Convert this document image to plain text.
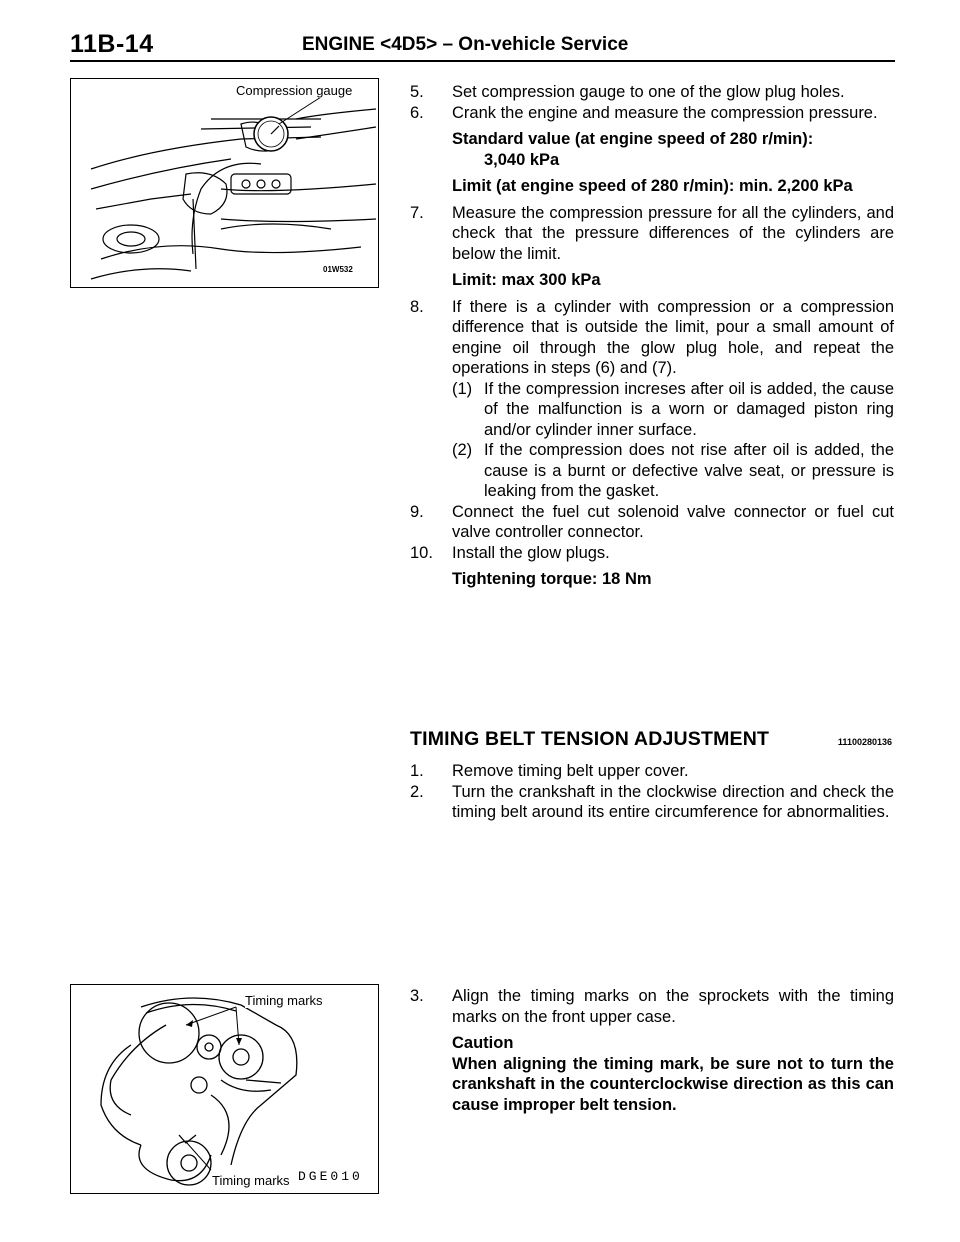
11B-14	ENGINE <4D5> – On-vehicle Service
Compression gauge
01W532
5. Set compression gauge to one of the glow plug holes.
6. Crank the engine and measure the compression pressure.
Standard value (at engine speed of 280 r/min):
3,040 kPa
Limit (at engine speed of 280 r/min): min. 2,200 kPa
7. Measure the compression pressure for all the cylinders, and check that the pressure differences of the cylinders are below the limit.
Limit: max 300 kPa
8. If there is a cylinder with compression or a compression difference that is outside the limit, pour a small amount of engine oil through the glow plug hole, and repeat the operations in steps (6) and (7).
(1) If the compression increses after oil is added, the cause of the malfunction is a worn or damaged piston ring and/or cylinder inner surface.
(2) If the compression does not rise after oil is added, the cause is a burnt or defective valve seat, or pressure is leaking from the gasket.
9. Connect the fuel cut solenoid valve connector or fuel cut valve controller connector.
10. Install the glow plugs.
Tightening torque: 18 Nm
TIMING BELT TENSION ADJUSTMENT	11100280136
1. Remove timing belt upper cover.
2. Turn the crankshaft in the clockwise direction and check the timing belt around its entire circumference for abnormalities.
3. Align the timing marks on the sprockets with the timing marks on the front upper case.
Caution
When aligning the timing mark, be sure not to turn the crankshaft in the counterclockwise direction as this can cause improper belt tension.
Timing marks
Timing marks DGE010
